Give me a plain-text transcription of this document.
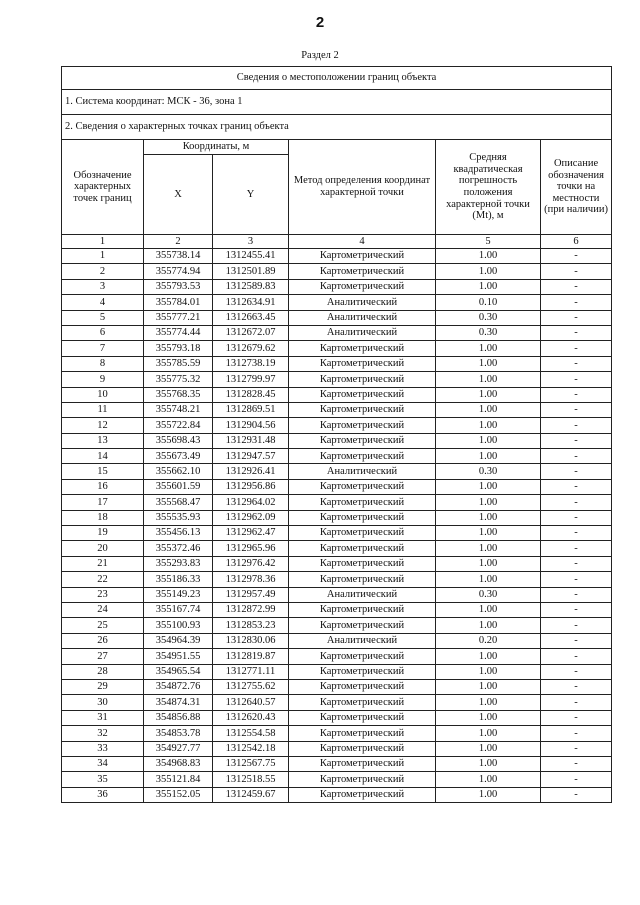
2
Раздел 2
Сведения о местоположении границ объекта					
1. Система координат: МСК - 36, зона 1					
2. Сведения о характерных точках границ объекта					
Обозначение характерных точек границ	Координаты, м		Метод определения координат характерной точки	Средняя квадратическая погрешность положения характерной точки (Mt), м	Описание обозначения точки на местности (при наличии)
	X	Y			
1	2	3	4	5	6
1	355738.14	1312455.41	Картометрический	1.00	-
2	355774.94	1312501.89	Картометрический	1.00	-
3	355793.53	1312589.83	Картометрический	1.00	-
4	355784.01	1312634.91	Аналитический	0.10	-
5	355777.21	1312663.45	Аналитический	0.30	-
6	355774.44	1312672.07	Аналитический	0.30	-
7	355793.18	1312679.62	Картометрический	1.00	-
8	355785.59	1312738.19	Картометрический	1.00	-
9	355775.32	1312799.97	Картометрический	1.00	-
10	355768.35	1312828.45	Картометрический	1.00	-
11	355748.21	1312869.51	Картометрический	1.00	-
12	355722.84	1312904.56	Картометрический	1.00	-
13	355698.43	1312931.48	Картометрический	1.00	-
14	355673.49	1312947.57	Картометрический	1.00	-
15	355662.10	1312926.41	Аналитический	0.30	-
16	355601.59	1312956.86	Картометрический	1.00	-
17	355568.47	1312964.02	Картометрический	1.00	-
18	355535.93	1312962.09	Картометрический	1.00	-
19	355456.13	1312962.47	Картометрический	1.00	-
20	355372.46	1312965.96	Картометрический	1.00	-
21	355293.83	1312976.42	Картометрический	1.00	-
22	355186.33	1312978.36	Картометрический	1.00	-
23	355149.23	1312957.49	Аналитический	0.30	-
24	355167.74	1312872.99	Картометрический	1.00	-
25	355100.93	1312853.23	Картометрический	1.00	-
26	354964.39	1312830.06	Аналитический	0.20	-
27	354951.55	1312819.87	Картометрический	1.00	-
28	354965.54	1312771.11	Картометрический	1.00	-
29	354872.76	1312755.62	Картометрический	1.00	-
30	354874.31	1312640.57	Картометрический	1.00	-
31	354856.88	1312620.43	Картометрический	1.00	-
32	354853.78	1312554.58	Картометрический	1.00	-
33	354927.77	1312542.18	Картометрический	1.00	-
34	354968.83	1312567.75	Картометрический	1.00	-
35	355121.84	1312518.55	Картометрический	1.00	-
36	355152.05	1312459.67	Картометрический	1.00	-
